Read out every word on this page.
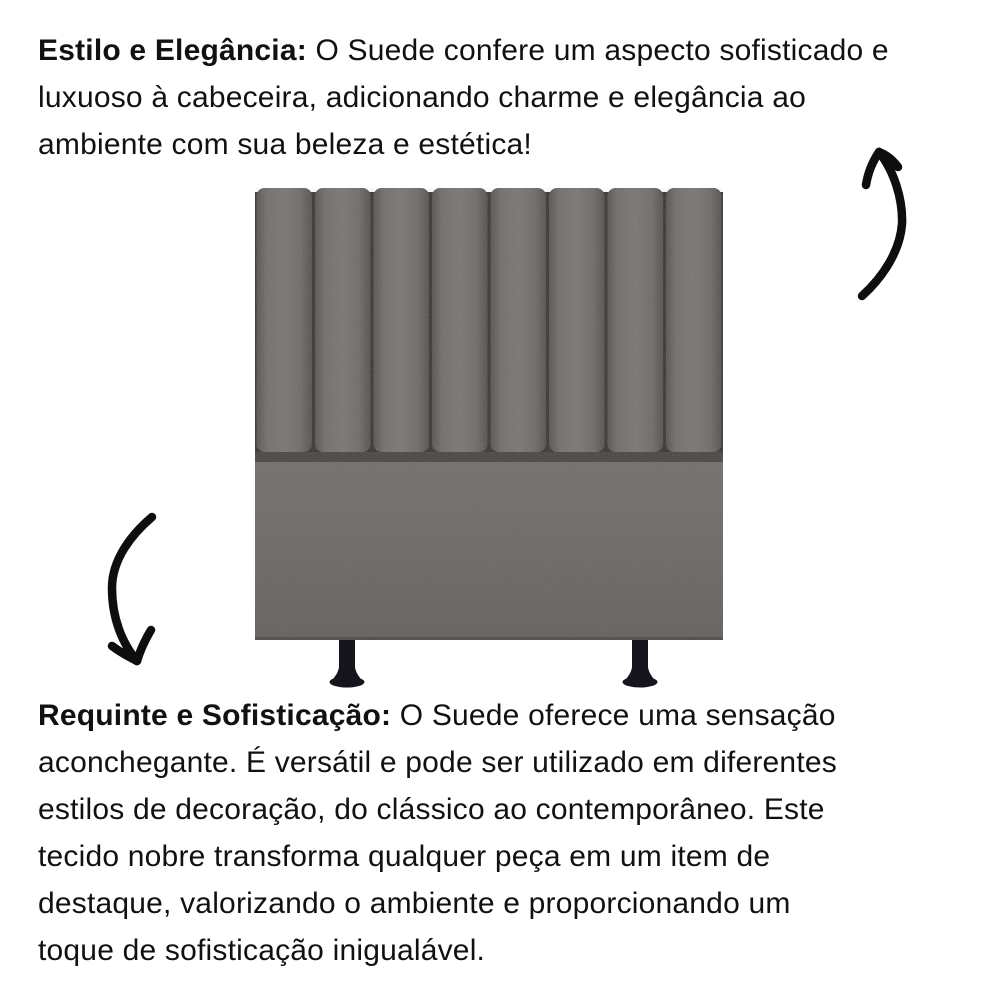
Estilo e Elegância: O Suede confere um aspecto sofisticado e
luxuoso à cabeceira, adicionando charme e elegância ao
ambiente com sua beleza e estética!
Requinte e Sofisticação: O Suede oferece uma sensação
aconchegante. É versátil e pode ser utilizado em diferentes
estilos de decoração, do clássico ao contemporâneo. Este
tecido nobre transforma qualquer peça em um item de
destaque, valorizando o ambiente e proporcionando um
toque de sofisticação inigualável.
